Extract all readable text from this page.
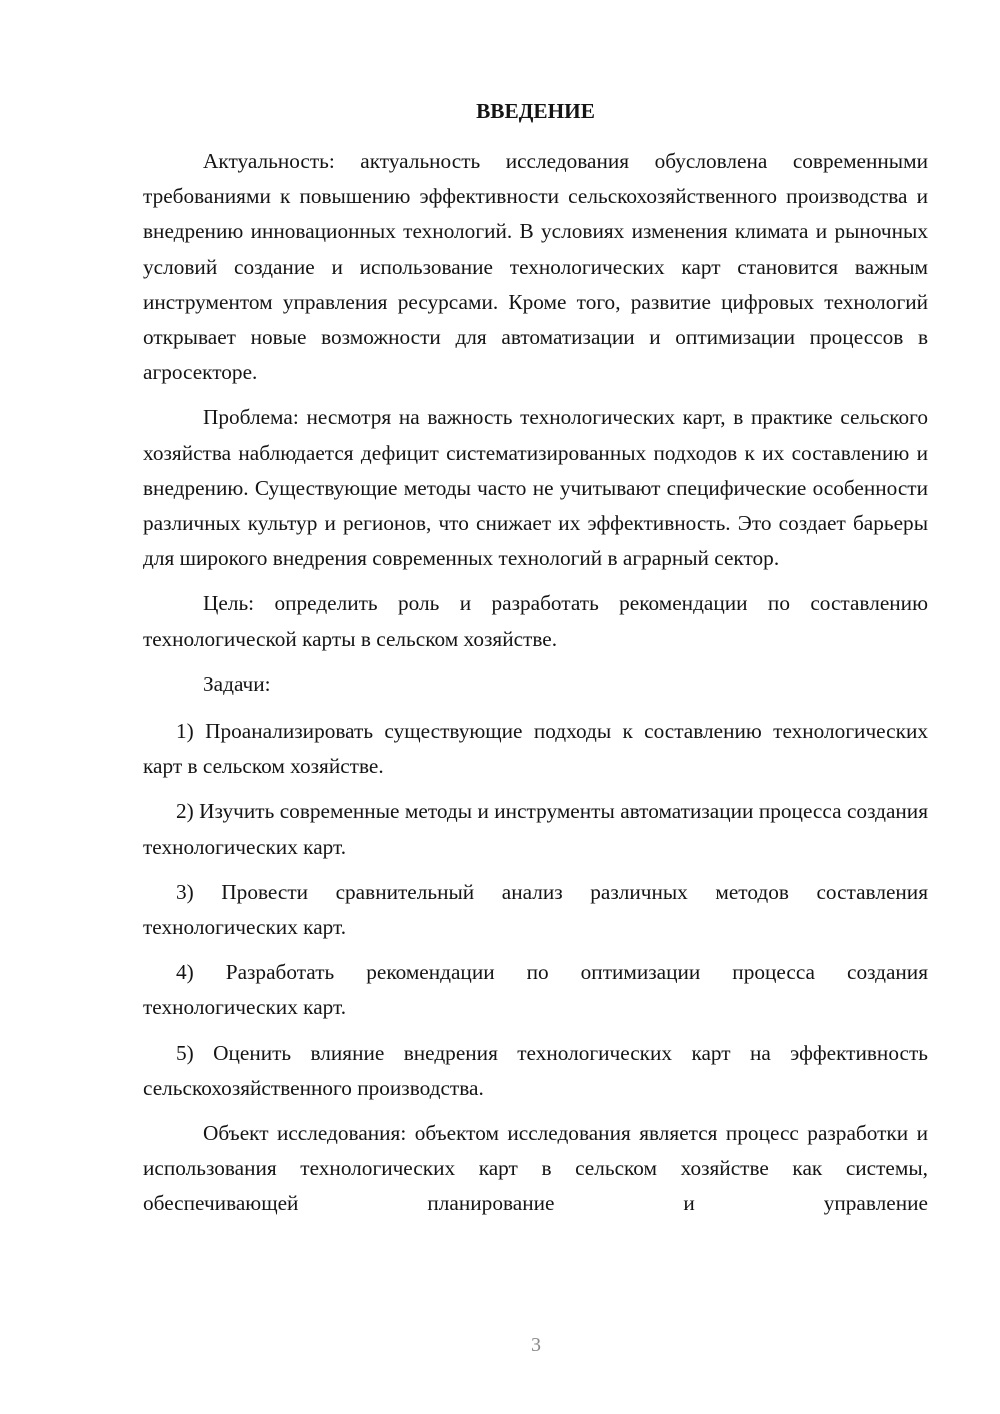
ВВЕДЕНИЕ

Актуальность: актуальность исследования обусловлена современными требованиями к повышению эффективности сельскохозяйственного производства и внедрению инновационных технологий. В условиях изменения климата и рыночных условий создание и использование технологических карт становится важным инструментом управления ресурсами. Кроме того, развитие цифровых технологий открывает новые возможности для автоматизации и оптимизации процессов в агросекторе.

Проблема: несмотря на важность технологических карт, в практике сельского хозяйства наблюдается дефицит систематизированных подходов к их составлению и внедрению. Существующие методы часто не учитывают специфические особенности различных культур и регионов, что снижает их эффективность. Это создает барьеры для широкого внедрения современных технологий в аграрный сектор.

Цель: определить роль и разработать рекомендации по составлению технологической карты в сельском хозяйстве.

Задачи:

1) Проанализировать существующие подходы к составлению технологических карт в сельском хозяйстве.

2) Изучить современные методы и инструменты автоматизации процесса создания технологических карт.

3) Провести сравнительный анализ различных методов составления технологических карт.

4) Разработать рекомендации по оптимизации процесса создания технологических карт.

5) Оценить влияние внедрения технологических карт на эффективность сельскохозяйственного производства.

Объект исследования: объектом исследования является процесс разработки и использования технологических карт в сельском хозяйстве как системы, обеспечивающей планирование и управление

3
